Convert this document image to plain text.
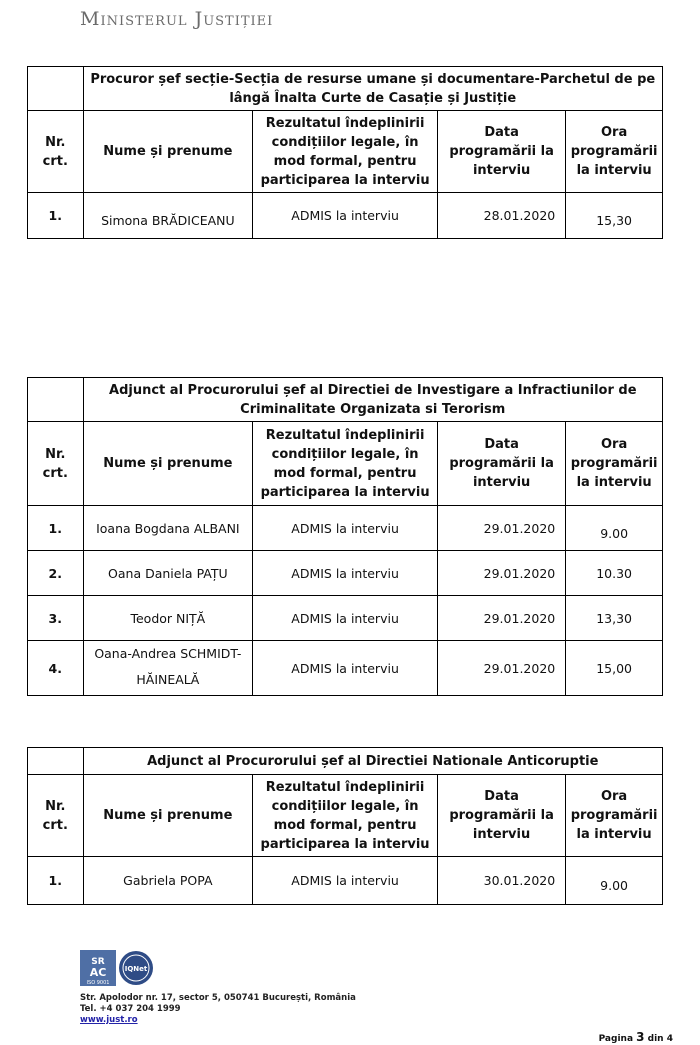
Ministerul Justiției
	Procuror șef secție-Secția de resurse umane și documentare-Parchetul de pe lângă Înalta Curte de Casație și Justiție			
Nr. crt.	Nume și prenume	Rezultatul îndeplinirii condițiilor legale, în mod formal, pentru participarea la interviu	Data programării la interviu	Ora programării la interviu
1.	Simona BRĂDICEANU	ADMIS la interviu	28.01.2020	15,30
	Adjunct al Procurorului șef al Directiei de Investigare a Infractiunilor de Criminalitate Organizata si Terorism			
Nr. crt.	Nume și prenume	Rezultatul îndeplinirii condițiilor legale, în mod formal, pentru participarea la interviu	Data programării la interviu	Ora programării la interviu
1.	Ioana Bogdana ALBANI	ADMIS la interviu	29.01.2020	9.00
2.	Oana Daniela PAȚU	ADMIS la interviu	29.01.2020	10.30
3.	Teodor NIȚĂ	ADMIS la interviu	29.01.2020	13,30
4.	Oana-Andrea SCHMIDT- HĂINEALĂ	ADMIS la interviu	29.01.2020	15,00
	Adjunct al Procurorului șef al Directiei Nationale Anticoruptie			
Nr. crt.	Nume și prenume	Rezultatul îndeplinirii condițiilor legale, în mod formal, pentru participarea la interviu	Data programării la interviu	Ora programării la interviu
1.	Gabriela POPA	ADMIS la interviu	30.01.2020	9.00
SR
AC
ISO 9001
IQNet
Str. Apolodor nr. 17, sector 5, 050741 București, România
Tel. +4 037 204 1999
www.just.ro
Pagina 3 din 4
